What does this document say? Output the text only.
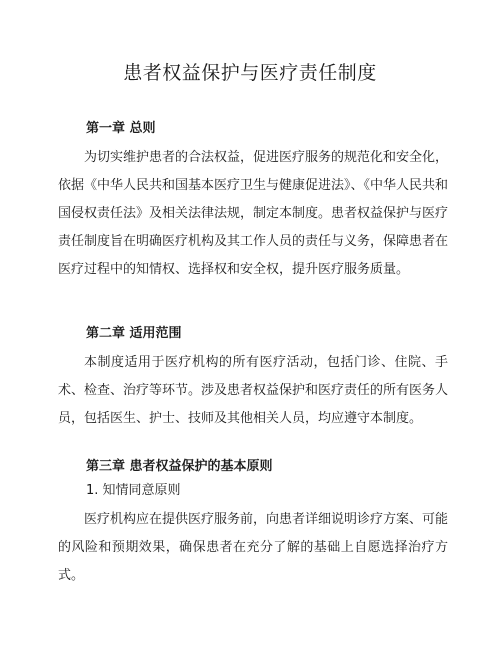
患者权益保护与医疗责任制度
第一章 总则

为切实维护患者的合法权益，促进医疗服务的规范化和安全化，依据《中华人民共和国基本医疗卫生与健康促进法》、《中华人民共和国侵权责任法》及相关法律法规，制定本制度。患者权益保护与医疗责任制度旨在明确医疗机构及其工作人员的责任与义务，保障患者在医疗过程中的知情权、选择权和安全权，提升医疗服务质量。

第二章 适用范围

本制度适用于医疗机构的所有医疗活动，包括门诊、住院、手术、检查、治疗等环节。涉及患者权益保护和医疗责任的所有医务人员，包括医生、护士、技师及其他相关人员，均应遵守本制度。

第三章 患者权益保护的基本原则
1. 知情同意原则

医疗机构应在提供医疗服务前，向患者详细说明诊疗方案、可能的风险和预期效果，确保患者在充分了解的基础上自愿选择治疗方式。
